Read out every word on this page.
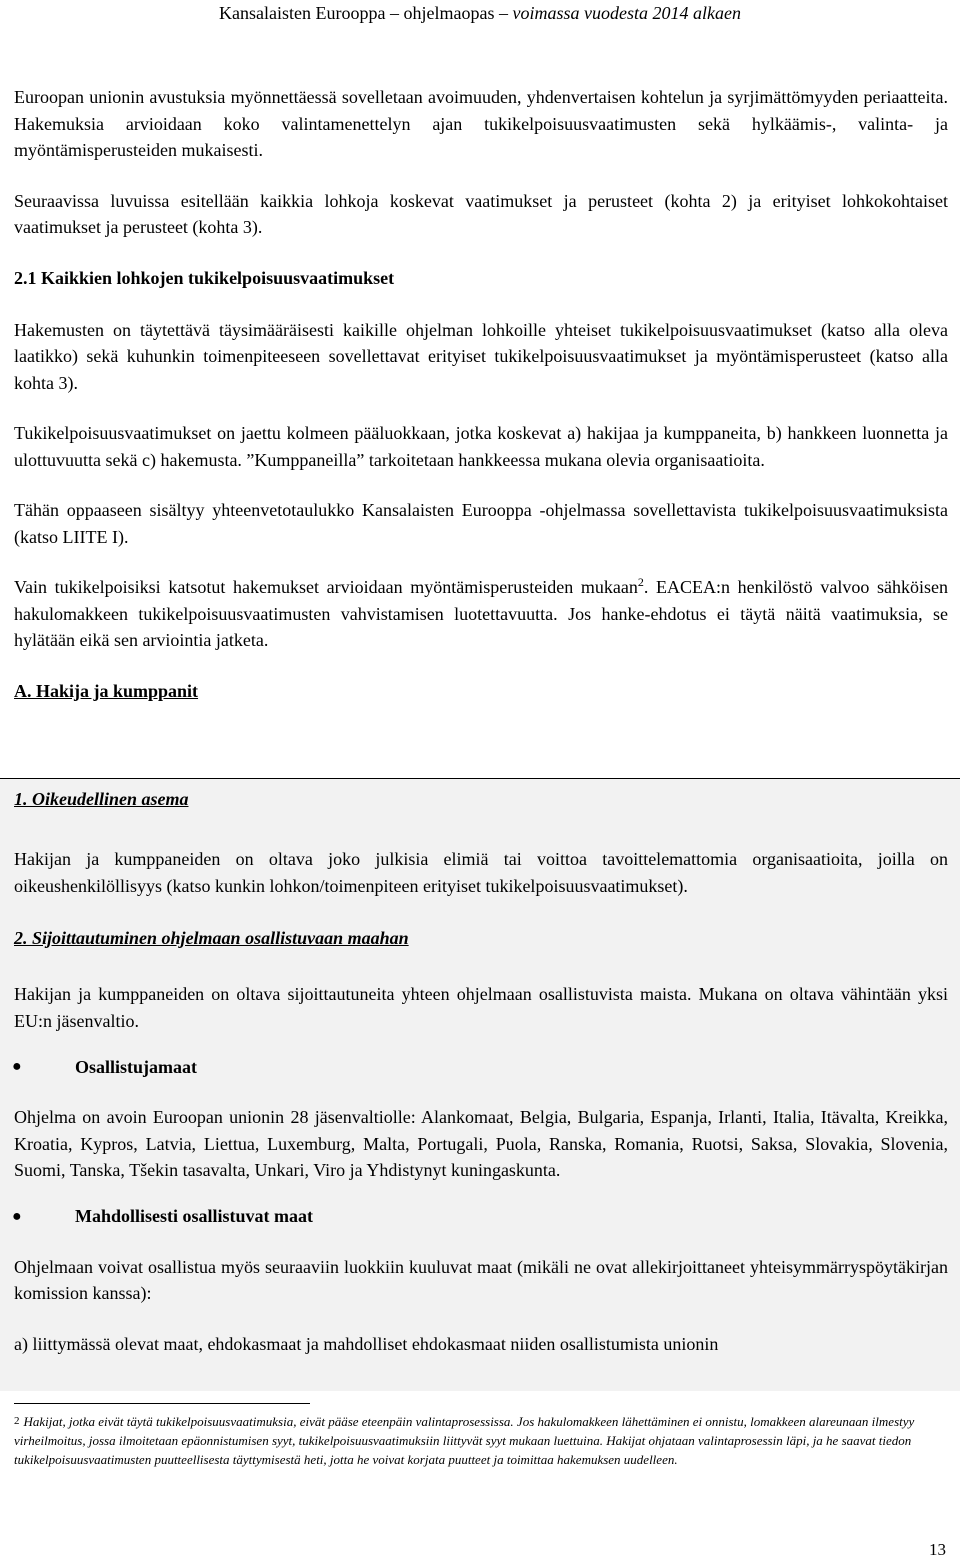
Kansalaisten Eurooppa – ohjelmaopas – voimassa vuodesta 2014 alkaen

Euroopan unionin avustuksia myönnettäessä sovelletaan avoimuuden, yhdenvertaisen kohtelun ja syrjimättömyyden periaatteita. Hakemuksia arvioidaan koko valintamenettelyn ajan tukikelpoisuusvaatimusten sekä hylkäämis-, valinta- ja myöntämisperusteiden mukaisesti.

Seuraavissa luvuissa esitellään kaikkia lohkoja koskevat vaatimukset ja perusteet (kohta 2) ja erityiset lohkokohtaiset vaatimukset ja perusteet (kohta 3).

2.1 Kaikkien lohkojen tukikelpoisuusvaatimukset

Hakemusten on täytettävä täysimääräisesti kaikille ohjelman lohkoille yhteiset tukikelpoisuusvaatimukset (katso alla oleva laatikko) sekä kuhunkin toimenpiteeseen sovellettavat erityiset tukikelpoisuusvaatimukset ja myöntämisperusteet (katso alla kohta 3).

Tukikelpoisuusvaatimukset on jaettu kolmeen pääluokkaan, jotka koskevat a) hakijaa ja kumppaneita, b) hankkeen luonnetta ja ulottuvuutta sekä c) hakemusta. ”Kumppaneilla” tarkoitetaan hankkeessa mukana olevia organisaatioita.

Tähän oppaaseen sisältyy yhteenvetotaulukko Kansalaisten Eurooppa -ohjelmassa sovellettavista tukikelpoisuusvaatimuksista (katso LIITE I).

Vain tukikelpoisiksi katsotut hakemukset arvioidaan myöntämisperusteiden mukaan$^2$. EACEA:n henkilöstö valvoo sähköisen hakulomakkeen tukikelpoisuusvaatimusten vahvistamisen luotettavuutta. Jos hanke-ehdotus ei täytä näitä vaatimuksia, se hylätään eikä sen arviointia jatketa.

A. Hakija ja kumppanit

1. Oikeudellinen asema

Hakijan ja kumppaneiden on oltava joko julkisia elimiä tai voittoa tavoittelemattomia organisaatioita, joilla on oikeushenkilöllisyys (katso kunkin lohkon/toimenpiteen erityiset tukikelpoisuusvaatimukset).

2. Sijoittautuminen ohjelmaan osallistuvaan maahan

Hakijan ja kumppaneiden on oltava sijoittautuneita yhteen ohjelmaan osallistuvista maista. Mukana on oltava vähintään yksi EU:n jäsenvaltio.

●	Osallistujamaat

Ohjelma on avoin Euroopan unionin 28 jäsenvaltiolle: Alankomaat, Belgia, Bulgaria, Espanja, Irlanti, Italia, Itävalta, Kreikka, Kroatia, Kypros, Latvia, Liettua, Luxemburg, Malta, Portugali, Puola, Ranska, Romania, Ruotsi, Saksa, Slovakia, Slovenia, Suomi, Tanska, Tšekin tasavalta, Unkari, Viro ja Yhdistynyt kuningaskunta.

●	Mahdollisesti osallistuvat maat

Ohjelmaan voivat osallistua myös seuraaviin luokkiin kuuluvat maat (mikäli ne ovat allekirjoittaneet yhteisymmärryspöytäkirjan komission kanssa):

a) liittymässä olevat maat, ehdokasmaat ja mahdolliset ehdokasmaat niiden osallistumista unionin

$^2$ Hakijat, jotka eivät täytä tukikelpoisuusvaatimuksia, eivät pääse eteenpäin valintaprosessissa. Jos hakulomakkeen lähettäminen ei onnistu, lomakkeen alareunaan ilmestyy virheilmoitus, jossa ilmoitetaan epäonnistumisen syyt, tukikelpoisuusvaatimuksiin liittyvät syyt mukaan luettuina. Hakijat ohjataan valintaprosessin läpi, ja he saavat tiedon tukikelpoisuusvaatimusten puutteellisesta täyttymisestä heti, jotta he voivat korjata puutteet ja toimittaa hakemuksen uudelleen.
13
